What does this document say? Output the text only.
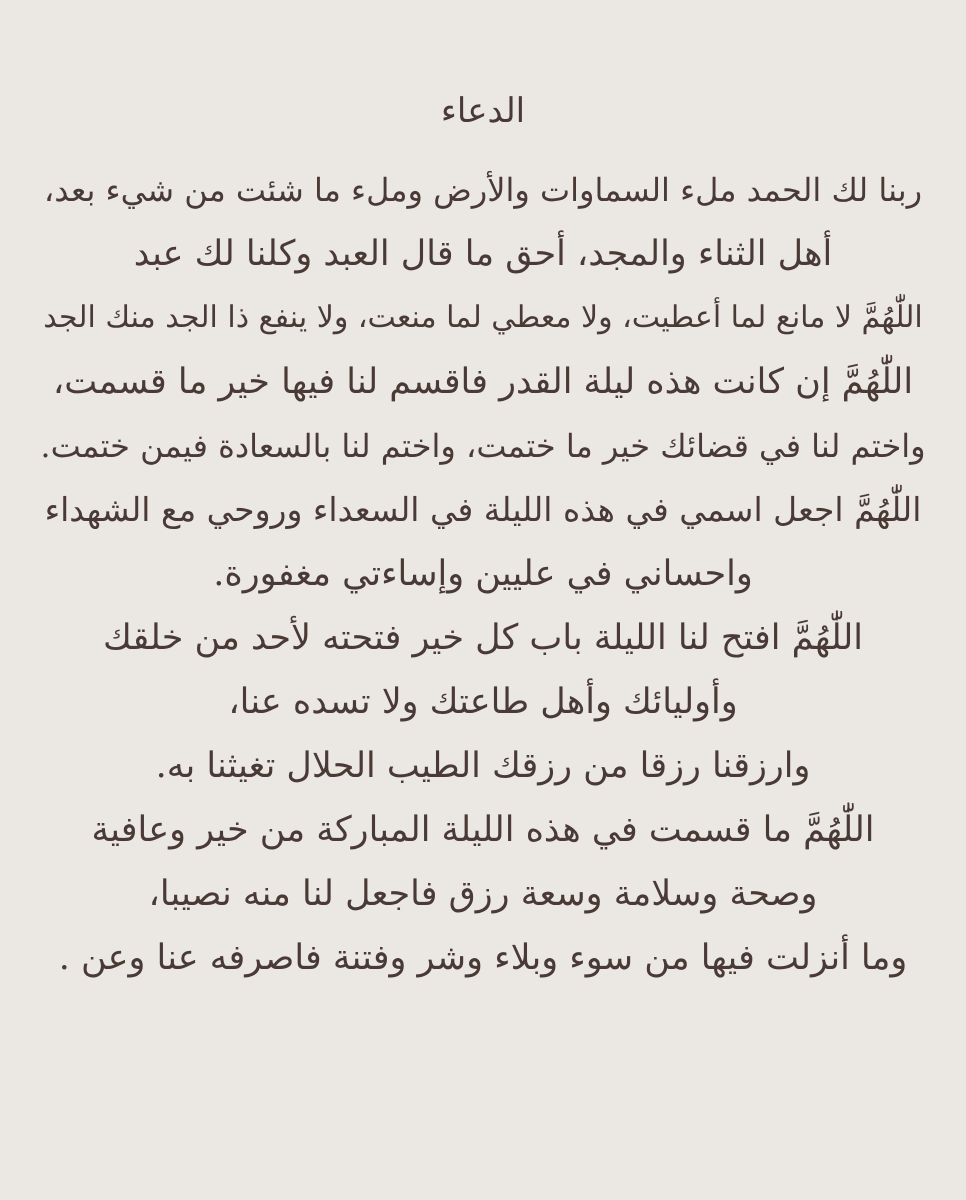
الدعاء
ربنا لك الحمد ملء السماوات والأرض وملء ما شئت من شيء بعد،
أهل الثناء والمجد، أحق ما قال العبد وكلنا لك عبد
اللّٰهُمَّ لا مانع لما أعطيت، ولا معطي لما منعت، ولا ينفع ذا الجد منك الجد
اللّٰهُمَّ إن كانت هذه ليلة القدر فاقسم لنا فيها خير ما قسمت،
واختم لنا في قضائك خير ما ختمت، واختم لنا بالسعادة فيمن ختمت.
اللّٰهُمَّ اجعل اسمي في هذه الليلة في السعداء وروحي مع الشهداء
واحساني في عليين وإساءتي مغفورة.
اللّٰهُمَّ افتح لنا الليلة باب كل خير فتحته لأحد من خلقك
وأوليائك وأهل طاعتك ولا تسده عنا،
وارزقنا رزقا من رزقك الطيب الحلال تغيثنا به.
اللّٰهُمَّ ما قسمت في هذه الليلة المباركة من خير وعافية
وصحة وسلامة وسعة رزق فاجعل لنا منه نصيبا،
وما أنزلت فيها من سوء وبلاء وشر وفتنة فاصرفه عنا وعن .
